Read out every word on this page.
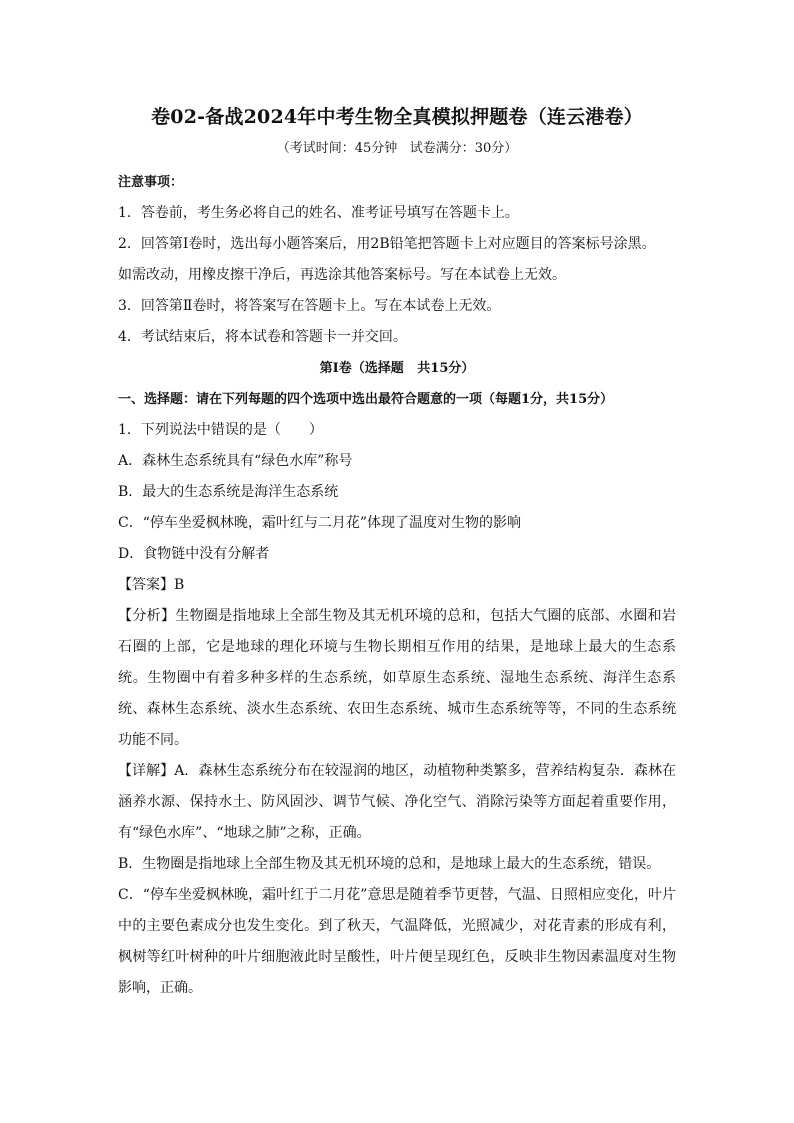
卷02-备战2024年中考生物全真模拟押题卷（连云港卷）
（考试时间：45分钟   试卷满分：30分）
注意事项：
1．答卷前，考生务必将自己的姓名、准考证号填写在答题卡上。
2．回答第Ⅰ卷时，选出每小题答案后，用2B铅笔把答题卡上对应题目的答案标号涂黑。
如需改动，用橡皮擦干净后，再选涂其他答案标号。写在本试卷上无效。
3．回答第Ⅱ卷时，将答案写在答题卡上。写在本试卷上无效。
4．考试结束后，将本试卷和答题卡一并交回。
第Ⅰ卷（选择题   共15分）
一、选择题：请在下列每题的四个选项中选出最符合题意的一项（每题1分，共15分）
1．下列说法中错误的是（　　）
A．森林生态系统具有“绿色水库”称号
B．最大的生态系统是海洋生态系统
C．“停车坐爱枫林晚，霜叶红与二月花”体现了温度对生物的影响
D．食物链中没有分解者
【答案】B

【分析】生物圈是指地球上全部生物及其无机环境的总和，包括大气圈的底部、水圈和岩石圈的上部，它是地球的理化环境与生物长期相互作用的结果，是地球上最大的生态系统。生物圈中有着多种多样的生态系统，如草原生态系统、湿地生态系统、海洋生态系统、森林生态系统、淡水生态系统、农田生态系统、城市生态系统等等，不同的生态系统功能不同。

【详解】A．森林生态系统分布在较湿润的地区，动植物种类繁多，营养结构复杂．森林在涵养水源、保持水土、防风固沙、调节气候、净化空气、消除污染等方面起着重要作用，有“绿色水库”、“地球之肺”之称，正确。

B．生物圈是指地球上全部生物及其无机环境的总和，是地球上最大的生态系统，错误。

C．“停车坐爱枫林晚，霜叶红于二月花”意思是随着季节更替，气温、日照相应变化，叶片中的主要色素成分也发生变化。到了秋天，气温降低，光照减少，对花青素的形成有利，枫树等红叶树种的叶片细胞液此时呈酸性，叶片便呈现红色，反映非生物因素温度对生物影响，正确。
